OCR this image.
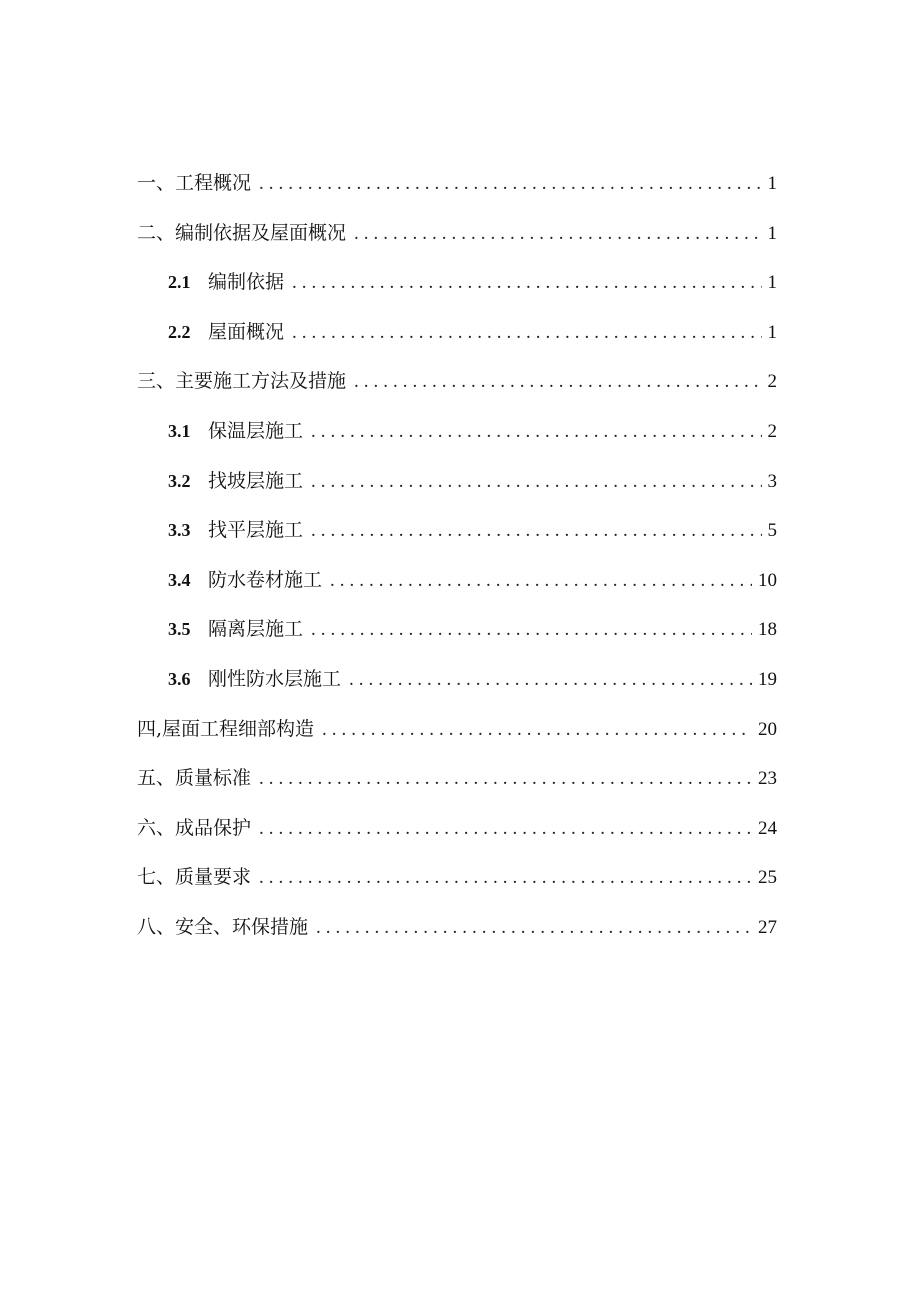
一、工程概况 .....	1
二、编制依据及屋面概况 .....	1
2.1 编制依据 .....	1
2.2 屋面概况 .....	1
三、主要施工方法及措施 .....	2
3.1 保温层施工 .....	2
3.2 找坡层施工 .....	3
3.3 找平层施工 .....	5
3.4 防水卷材施工 .....	10
3.5 隔离层施工 .....	18
3.6 刚性防水层施工 .....	19
四,屋面工程细部构造 .....	20
五、质量标准 .....	23
六、成品保护 .....	24
七、质量要求 .....	25
八、安全、环保措施 .....	27
